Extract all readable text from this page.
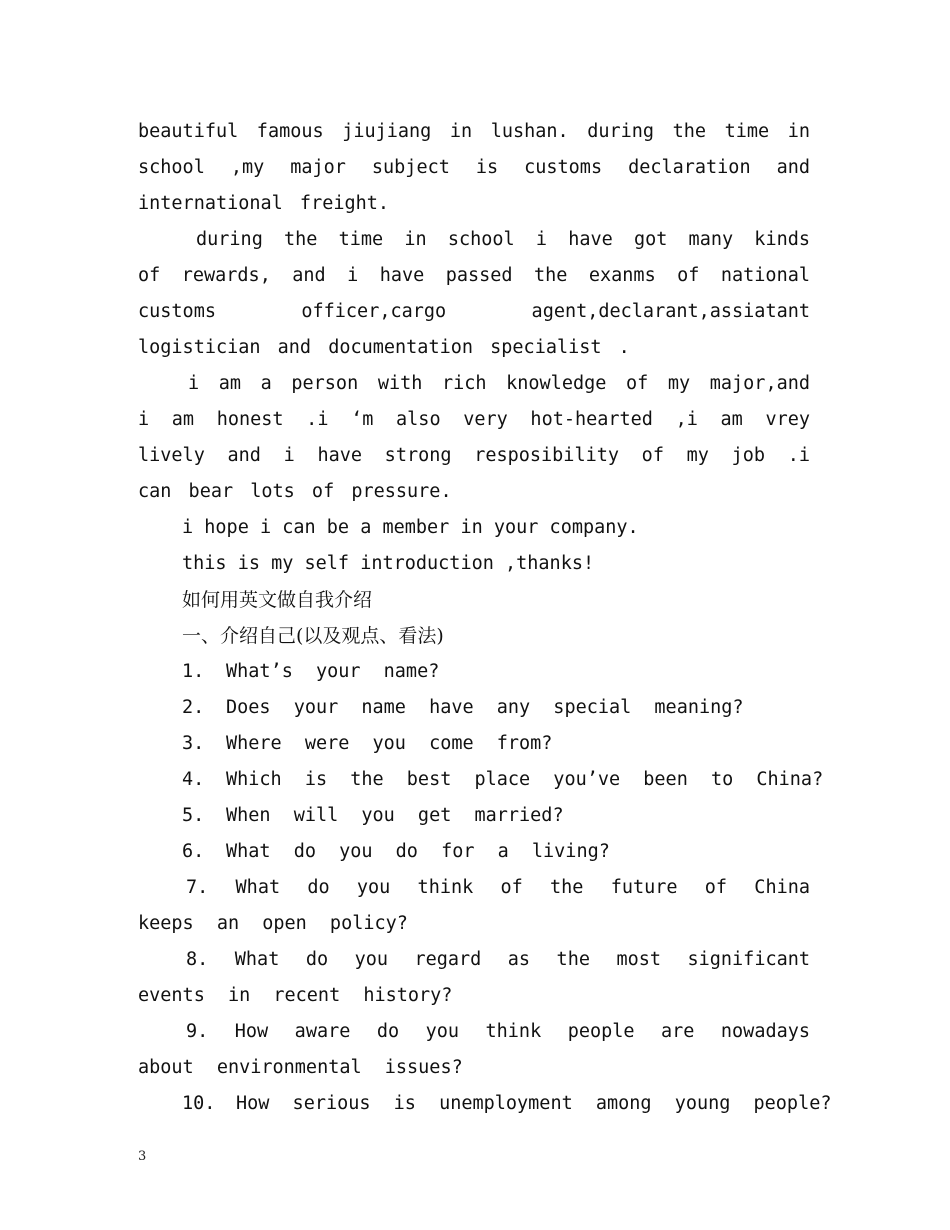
beautiful famous jiujiang in lushan. during the time in school ,my major subject is customs declaration and international freight.

during the time in school i have got many kinds of rewards, and i have passed the exanms of national customs officer,cargo agent,declarant,assiatant logistician and documentation specialist .

i am a person with rich knowledge of my major,and i am honest .i ‘m also very hot-hearted ,i am vrey lively and i have strong resposibility of my job .i can bear lots of pressure.

i hope i can be a member in your company.

this is my self introduction ,thanks!

如何用英文做自我介绍

一、介绍自己(以及观点、看法)

1. What’s your name?

2. Does your name have any special meaning?

3. Where were you come from?

4. Which is the best place you’ve been to China?

5. When will you get married?

6. What do you do for a living?

7. What do you think of the future of China keeps an open policy?

8. What do you regard as the most significant events in recent history?

9. How aware do you think people are nowadays about environmental issues?

10. How serious is unemployment among young people?

3
